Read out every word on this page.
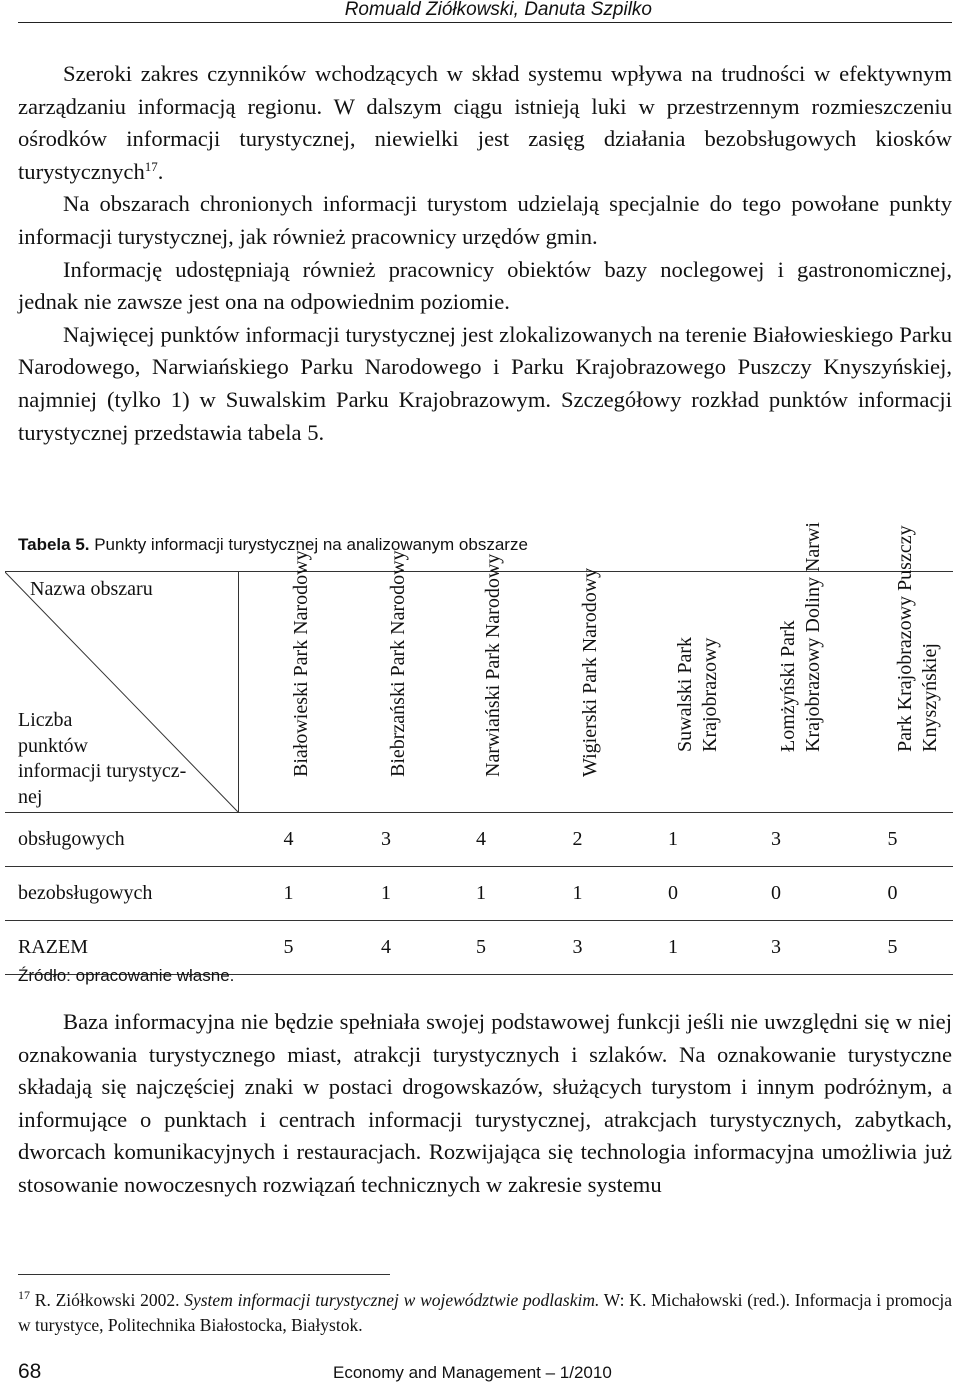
Romuald Ziółkowski, Danuta Szpilko

Szeroki zakres czynników wchodzących w skład systemu wpływa na trudności w efektywnym zarządzaniu informacją regionu. W dalszym ciągu istnieją luki w przestrzennym rozmieszczeniu ośrodków informacji turystycznej, niewielki jest zasięg działania bezobsługowych kiosków turystycznych$^{17}$.

Na obszarach chronionych informacji turystom udzielają specjalnie do tego powołane punkty informacji turystycznej, jak również pracownicy urzędów gmin.

Informację udostępniają również pracownicy obiektów bazy noclegowej i gastronomicznej, jednak nie zawsze jest ona na odpowiednim poziomie.

Najwięcej punktów informacji turystycznej jest zlokalizowanych na terenie Białowieskiego Parku Narodowego, Narwiańskiego Parku Narodowego i Parku Krajobrazowego Puszczy Knyszyńskiej, najmniej (tylko 1) w Suwalskim Parku Krajobrazowym. Szczegółowy rozkład punktów informacji turystycznej przedstawia tabela 5.

Tabela 5. Punkty informacji turystycznej na analizowanym obszarze
Nazwa obszaru
Liczba
punktów
informacji turystycz-
nej	Białowieski Park Narodowy	Biebrzański Park Narodowy	Narwiański Park Narodowy	Wigierski Park Narodowy	Suwalski Park Krajobrazowy	Łomżyński Park Krajobrazowy Doliny Narwi	Park Krajobrazowy Puszczy Knyszyńskiej

obsługowych	4	3	4	2	1	3	5
bezobsługowych	1	1	1	1	0	0	0
RAZEM	5	4	5	3	1	3	5
Źródło: opracowanie własne.

Baza informacyjna nie będzie spełniała swojej podstawowej funkcji jeśli nie uwzględni się w niej oznakowania turystycznego miast, atrakcji turystycznych i szlaków. Na oznakowanie turystyczne składają się najczęściej znaki w postaci drogowskazów, służących turystom i innym podróżnym, a informujące o punktach i centrach informacji turystycznej, atrakcjach turystycznych, zabytkach, dworcach komunikacyjnych i restauracjach. Rozwijająca się technologia informacyjna umożliwia już stosowanie nowoczesnych rozwiązań technicznych w zakresie systemu

$^{17}$ R. Ziółkowski 2002. System informacji turystycznej w województwie podlaskim. W: K. Michałowski (red.). Informacja i promocja w turystyce, Politechnika Białostocka, Białystok.
68	Economy and Management – 1/2010
